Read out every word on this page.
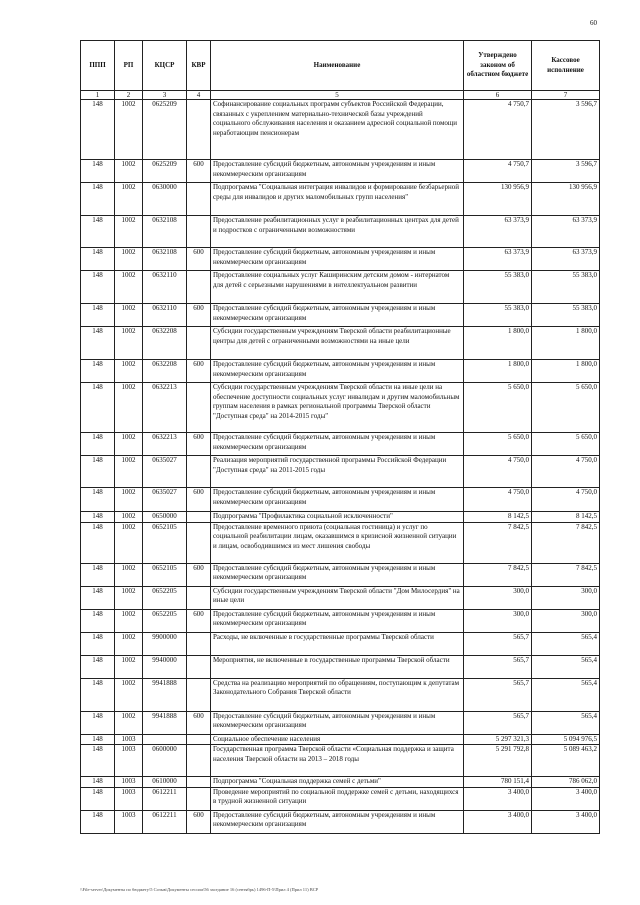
60
ППП	РП	КЦСР	КВР	Наименование	Утверждено законом об областном бюджете	Кассовое исполнение
1	2	3	4	5	6	7
148	1002	0625209		Софинансирование социальных программ субъектов Российской Федерации, связанных с укреплением материально-технической базы учреждений социального обслуживания населения и оказанием адресной социальной помощи неработающим пенсионерам	4 750,7	3 596,7
148	1002	0625209	600	Предоставление субсидий бюджетным, автономным учреждениям и иным некоммерческим организациям	4 750,7	3 596,7
148	1002	0630000		Подпрограмма "Социальная интеграция инвалидов и формирование безбарьерной среды для инвалидов и других маломобильных групп населения"	130 956,9	130 956,9
148	1002	0632108		Предоставление реабилитационных услуг в реабилитационных центрах для детей и подростков с ограниченными возможностями	63 373,9	63 373,9
148	1002	0632108	600	Предоставление субсидий бюджетным, автономным учреждениям и иным некоммерческим организациям	63 373,9	63 373,9
148	1002	0632110		Предоставление социальных услуг Каширинским детским домом - интернатом для детей с серьезными нарушениями в интеллектуальном развитии	55 383,0	55 383,0
148	1002	0632110	600	Предоставление субсидий бюджетным, автономным учреждениям и иным некоммерческим организациям	55 383,0	55 383,0
148	1002	0632208		Субсидии государственным учреждениям Тверской области реабилитационные центры для детей с ограниченными возможностями на иные цели	1 800,0	1 800,0
148	1002	0632208	600	Предоставление субсидий бюджетным, автономным учреждениям и иным некоммерческим организациям	1 800,0	1 800,0
148	1002	0632213		Субсидии государственным учреждениям Тверской области на иные цели на обеспечение доступности социальных услуг инвалидам и другим маломобильным группам населения в рамках региональной программы Тверской области "Доступная среда" на 2014-2015 годы"	5 650,0	5 650,0
148	1002	0632213	600	Предоставление субсидий бюджетным, автономным учреждениям и иным некоммерческим организациям	5 650,0	5 650,0
148	1002	0635027		Реализация мероприятий государственной программы Российской Федерации "Доступная среда" на 2011-2015 годы	4 750,0	4 750,0
148	1002	0635027	600	Предоставление субсидий бюджетным, автономным учреждениям и иным некоммерческим организациям	4 750,0	4 750,0
148	1002	0650000		Подпрограмма "Профилактика социальной исключенности"	8 142,5	8 142,5
148	1002	0652105		Предоставление временного приюта (социальная гостиница) и услуг по социальной реабилитации лицам, оказавшимся в кризисной жизненной ситуации и лицам, освободившимся из мест лишения свободы	7 842,5	7 842,5
148	1002	0652105	600	Предоставление субсидий бюджетным, автономным учреждениям и иным некоммерческим организациям	7 842,5	7 842,5
148	1002	0652205		Субсидии государственным учреждениям Тверской области "Дом Милосердия" на иные цели	300,0	300,0
148	1002	0652205	600	Предоставление субсидий бюджетным, автономным учреждениям и иным некоммерческим организациям	300,0	300,0
148	1002	9900000		Расходы, не включенные в государственные программы Тверской области	565,7	565,4
148	1002	9940000		Мероприятия, не включенные в государственные программы Тверской области	565,7	565,4
148	1002	9941888		Средства на реализацию мероприятий по обращениям, поступающим к депутатам Законодательного Собрания Тверской области	565,7	565,4
148	1002	9941888	600	Предоставление субсидий бюджетным, автономным учреждениям и иным некоммерческим организациям	565,7	565,4
148	1003			Социальное обеспечение населения	5 297 321,3	5 094 976,5
148	1003	0600000		Государственная программа Тверской области «Социальная поддержка и защита населения Тверской области на 2013 – 2018 годы	5 291 792,8	5 089 463,2
148	1003	0610000		Подпрограмма "Социальная поддержка семей с детьми"	780 151,4	786 062,0
148	1003	0612211		Проведение мероприятий по социальной поддержке семей с детьми, находящихся в трудной жизненной ситуации	3 400,0	3 400,0
148	1003	0612211	600	Предоставление субсидий бюджетным, автономным учреждениям и иным некоммерческим организациям	3 400,0	3 400,0
\\File-server\Документы по бюджету\5 Созыв\Документы сессии\56 заседание 16 (сентябрь) 1496-П-5\Прил 4 (Прил 11) ВСР
